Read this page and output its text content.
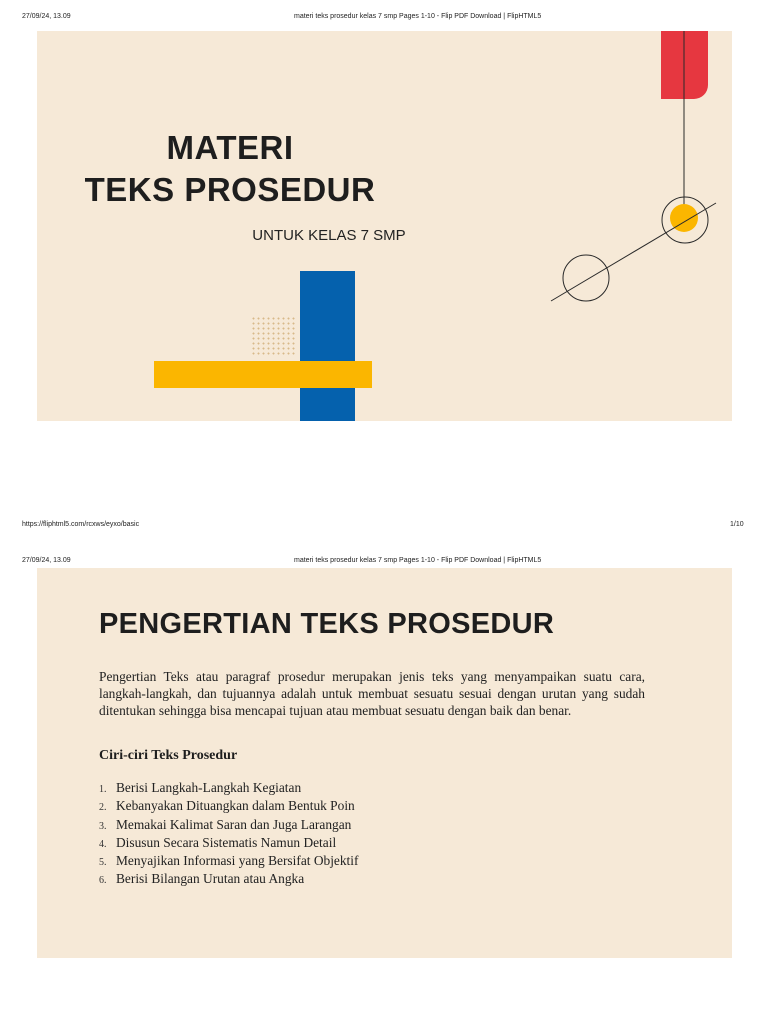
27/09/24, 13.09	materi teks prosedur kelas 7 smp Pages 1-10 - Flip PDF Download | FlipHTML5
MATERI
TEKS PROSEDUR
UNTUK KELAS 7 SMP
https://fliphtml5.com/rcxws/eyxo/basic	1/10
27/09/24, 13.09	materi teks prosedur kelas 7 smp Pages 1-10 - Flip PDF Download | FlipHTML5
PENGERTIAN TEKS PROSEDUR
Pengertian Teks atau paragraf prosedur merupakan jenis teks yang menyampaikan suatu cara, langkah-langkah, dan tujuannya adalah untuk membuat sesuatu sesuai dengan urutan yang sudah ditentukan sehingga bisa mencapai tujuan atau membuat sesuatu dengan baik dan benar.
Ciri-ciri Teks Prosedur
1. Berisi Langkah-Langkah Kegiatan
2. Kebanyakan Dituangkan dalam Bentuk Poin
3. Memakai Kalimat Saran dan Juga Larangan
4. Disusun Secara Sistematis Namun Detail
5. Menyajikan Informasi yang Bersifat Objektif
6. Berisi Bilangan Urutan atau Angka
